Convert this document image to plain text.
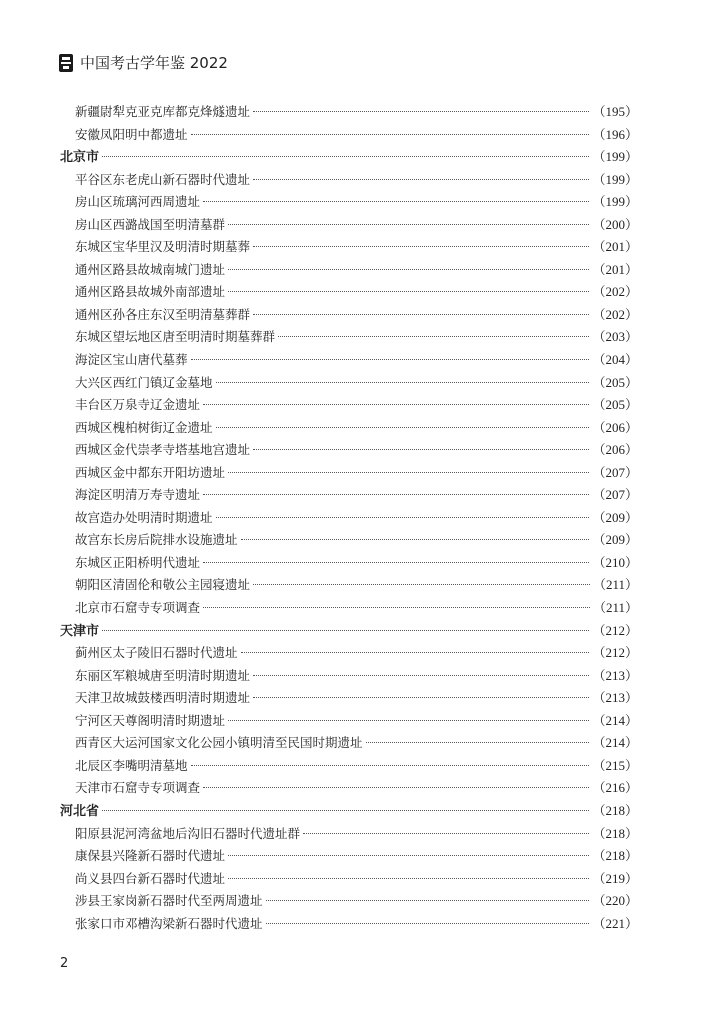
中国考古学年鉴 2022
新疆尉犁克亚克库都克烽燧遗址	（195）
安徽凤阳明中都遗址	（196）
北京市	（199）
平谷区东老虎山新石器时代遗址	（199）
房山区琉璃河西周遗址	（199）
房山区西潞战国至明清墓群	（200）
东城区宝华里汉及明清时期墓葬	（201）
通州区路县故城南城门遗址	（201）
通州区路县故城外南部遗址	（202）
通州区孙各庄东汉至明清墓葬群	（202）
东城区望坛地区唐至明清时期墓葬群	（203）
海淀区宝山唐代墓葬	（204）
大兴区西红门镇辽金墓地	（205）
丰台区万泉寺辽金遗址	（205）
西城区槐柏树街辽金遗址	（206）
西城区金代崇孝寺塔基地宫遗址	（206）
西城区金中都东开阳坊遗址	（207）
海淀区明清万寿寺遗址	（207）
故宫造办处明清时期遗址	（209）
故宫东长房后院排水设施遗址	（209）
东城区正阳桥明代遗址	（210）
朝阳区清固伦和敬公主园寝遗址	（211）
北京市石窟寺专项调查	（211）
天津市	（212）
蓟州区太子陵旧石器时代遗址	（212）
东丽区军粮城唐至明清时期遗址	（213）
天津卫故城鼓楼西明清时期遗址	（213）
宁河区天尊阁明清时期遗址	（214）
西青区大运河国家文化公园小镇明清至民国时期遗址	（214）
北辰区李嘴明清墓地	（215）
天津市石窟寺专项调查	（216）
河北省	（218）
阳原县泥河湾盆地后沟旧石器时代遗址群	（218）
康保县兴隆新石器时代遗址	（218）
尚义县四台新石器时代遗址	（219）
涉县王家岗新石器时代至两周遗址	（220）
张家口市邓槽沟梁新石器时代遗址	（221）
2
